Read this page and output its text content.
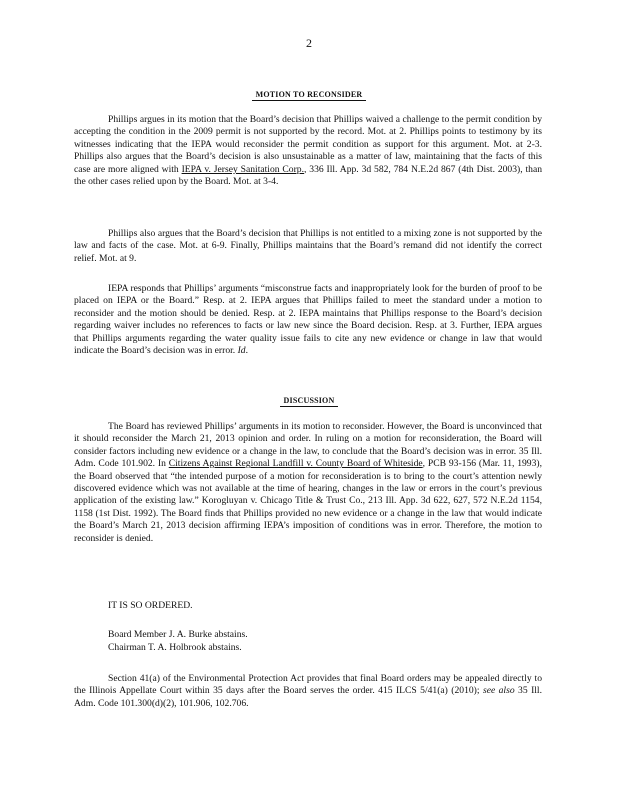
2
MOTION TO RECONSIDER

Phillips argues in its motion that the Board’s decision that Phillips waived a challenge to the permit condition by accepting the condition in the 2009 permit is not supported by the record. Mot. at 2. Phillips points to testimony by its witnesses indicating that the IEPA would reconsider the permit condition as support for this argument. Mot. at 2-3. Phillips also argues that the Board’s decision is also unsustainable as a matter of law, maintaining that the facts of this case are more aligned with IEPA v. Jersey Sanitation Corp., 336 Ill. App. 3d 582, 784 N.E.2d 867 (4th Dist. 2003), than the other cases relied upon by the Board. Mot. at 3-4.

Phillips also argues that the Board’s decision that Phillips is not entitled to a mixing zone is not supported by the law and facts of the case. Mot. at 6-9. Finally, Phillips maintains that the Board’s remand did not identify the correct relief. Mot. at 9.

IEPA responds that Phillips’ arguments “misconstrue facts and inappropriately look for the burden of proof to be placed on IEPA or the Board.” Resp. at 2. IEPA argues that Phillips failed to meet the standard under a motion to reconsider and the motion should be denied. Resp. at 2. IEPA maintains that Phillips response to the Board’s decision regarding waiver includes no references to facts or law new since the Board decision. Resp. at 3. Further, IEPA argues that Phillips arguments regarding the water quality issue fails to cite any new evidence or change in law that would indicate the Board’s decision was in error. Id.

DISCUSSION

The Board has reviewed Phillips’ arguments in its motion to reconsider. However, the Board is unconvinced that it should reconsider the March 21, 2013 opinion and order. In ruling on a motion for reconsideration, the Board will consider factors including new evidence or a change in the law, to conclude that the Board’s decision was in error. 35 Ill. Adm. Code 101.902. In Citizens Against Regional Landfill v. County Board of Whiteside, PCB 93-156 (Mar. 11, 1993), the Board observed that “the intended purpose of a motion for reconsideration is to bring to the court’s attention newly discovered evidence which was not available at the time of hearing, changes in the law or errors in the court’s previous application of the existing law.” Korogluyan v. Chicago Title & Trust Co., 213 Ill. App. 3d 622, 627, 572 N.E.2d 1154, 1158 (1st Dist. 1992). The Board finds that Phillips provided no new evidence or a change in the law that would indicate the Board’s March 21, 2013 decision affirming IEPA’s imposition of conditions was in error. Therefore, the motion to reconsider is denied.

IT IS SO ORDERED.

Board Member J. A. Burke abstains.

Chairman T. A. Holbrook abstains.

Section 41(a) of the Environmental Protection Act provides that final Board orders may be appealed directly to the Illinois Appellate Court within 35 days after the Board serves the order. 415 ILCS 5/41(a) (2010); see also 35 Ill. Adm. Code 101.300(d)(2), 101.906, 102.706.
